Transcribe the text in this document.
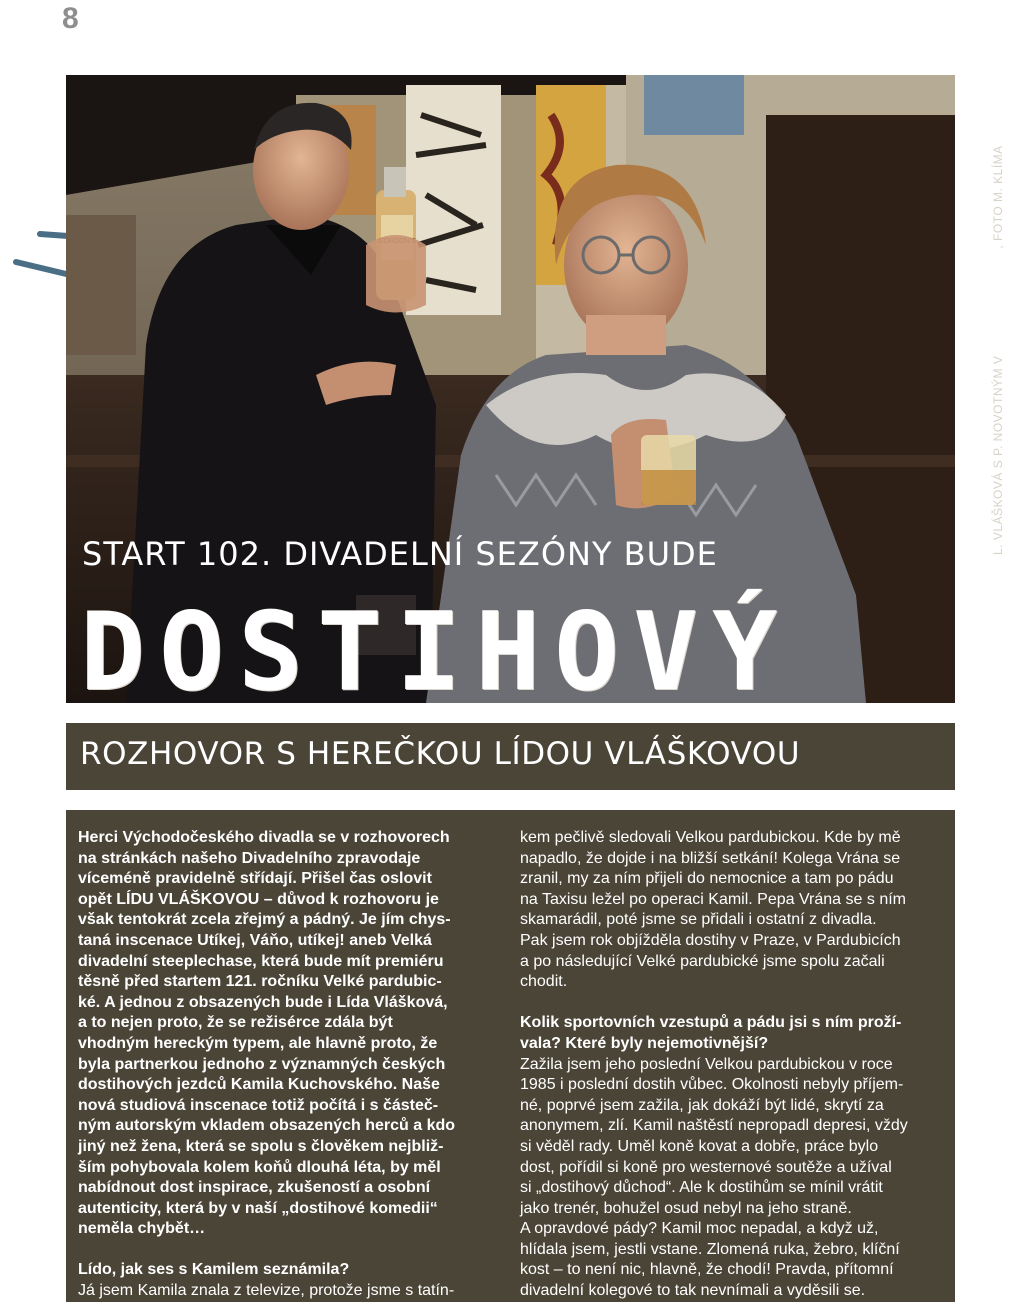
8
L. VLÁŠKOVÁ S P. NOVOTNÝM V ČERNÉ KOMEDII, FOTO M. KLÍMA
START 102. DIVADELNÍ SEZÓNY BUDE
DOSTIHOVÝ
ROZHOVOR S HEREČKOU LÍDOU VLÁŠKOVOU

Herci Východočeského divadla se v rozhovorech
na stránkách našeho Divadelního zpravodaje
víceméně pravidelně střídají. Přišel čas oslovit
opět LÍDU VLÁŠKOVOU – důvod k rozhovoru je
však tentokrát zcela zřejmý a pádný. Je jím chys-
taná inscenace Utíkej, Váňo, utíkej! aneb Velká
divadelní steeplechase, která bude mít premiéru
těsně před startem 121. ročníku Velké pardubic-
ké. A jednou z obsazených bude i Lída Vlášková,
a to nejen proto, že se režisérce zdála být
vhodným hereckým typem, ale hlavně proto, že
byla partnerkou jednoho z významných českých
dostihových jezdců Kamila Kuchovského. Naše
nová studiová inscenace totiž počítá i s částeč-
ným autorským vkladem obsazených herců a kdo
jiný než žena, která se spolu s člověkem nejbliž-
ším pohybovala kolem koňů dlouhá léta, by měl
nabídnout dost inspirace, zkušeností a osobní
autenticity, která by v naší „dostihové komedii“
neměla chybět…

Lído, jak ses s Kamilem seznámila?

Já jsem Kamila znala z televize, protože jsme s tatín-

kem pečlivě sledovali Velkou pardubickou. Kde by mě
napadlo, že dojde i na bližší setkání! Kolega Vrána se
zranil, my za ním přijeli do nemocnice a tam po pádu
na Taxisu ležel po operaci Kamil. Pepa Vrána se s ním
skamarádil, poté jsme se přidali i ostatní z divadla.
Pak jsem rok objížděla dostihy v Praze, v Pardubicích
a po následující Velké pardubické jsme spolu začali
chodit.

Kolik sportovních vzestupů a pádu jsi s ním proží-
vala? Které byly nejemotivnější?

Zažila jsem jeho poslední Velkou pardubickou v roce
1985 i poslední dostih vůbec. Okolnosti nebyly příjem-
né, poprvé jsem zažila, jak dokáží být lidé, skrytí za
anonymem, zlí. Kamil naštěstí nepropadl depresi, vždy
si věděl rady. Uměl koně kovat a dobře, práce bylo
dost, pořídil si koně pro westernové soutěže a užíval
si „dostihový důchod“. Ale k dostihům se mínil vrátit
jako trenér, bohužel osud nebyl na jeho straně.
A opravdové pády? Kamil moc nepadal, a když už,
hlídala jsem, jestli vstane. Zlomená ruka, žebro, klíční
kost – to není nic, hlavně, že chodí! Pravda, přítomní
divadelní kolegové to tak nevnímali a vyděsili se.
